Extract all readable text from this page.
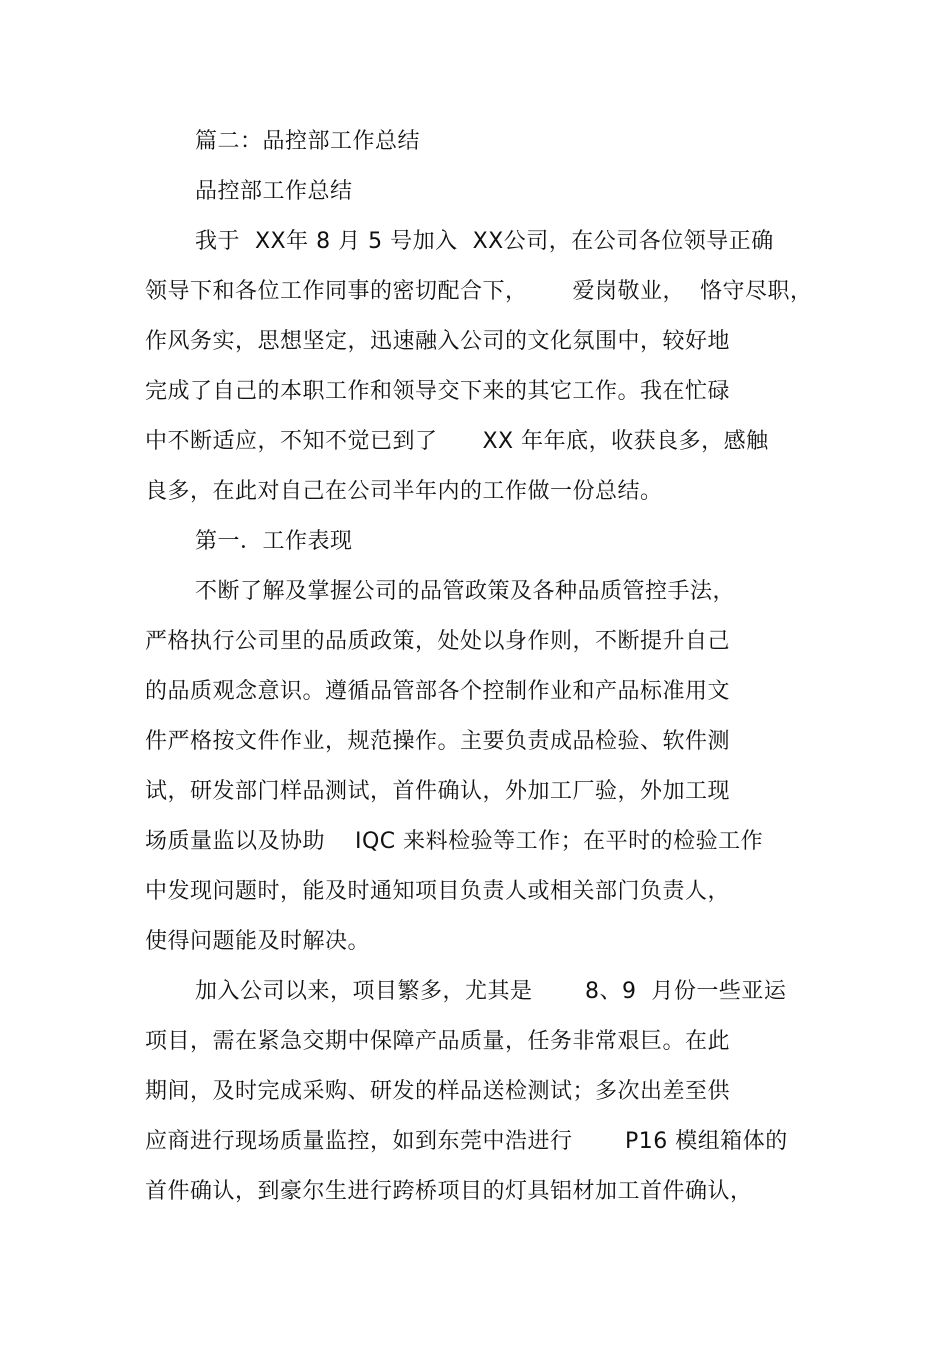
篇二：品控部工作总结
品控部工作总结
我于  XX年 8 月 5 号加入  XX公司，在公司各位领导正确
领导下和各位工作同事的密切配合下，      爱岗敬业，  恪守尽职，
作风务实，思想坚定，迅速融入公司的文化氛围中，较好地
完成了自己的本职工作和领导交下来的其它工作。我在忙碌
中不断适应，不知不觉已到了      XX 年年底，收获良多，感触
良多，在此对自己在公司半年内的工作做一份总结。
第一．工作表现
不断了解及掌握公司的品管政策及各种品质管控手法，
严格执行公司里的品质政策，处处以身作则，不断提升自己
的品质观念意识。遵循品管部各个控制作业和产品标准用文
件严格按文件作业，规范操作。主要负责成品检验、软件测
试，研发部门样品测试，首件确认，外加工厂验，外加工现
场质量监以及协助    IQC 来料检验等工作；在平时的检验工作
中发现问题时，能及时通知项目负责人或相关部门负责人，
使得问题能及时解决。
加入公司以来，项目繁多，尤其是       8、9  月份一些亚运
项目，需在紧急交期中保障产品质量，任务非常艰巨。在此
期间，及时完成采购、研发的样品送检测试；多次出差至供
应商进行现场质量监控，如到东莞中浩进行       P16 模组箱体的
首件确认，到豪尔生进行跨桥项目的灯具铝材加工首件确认，
